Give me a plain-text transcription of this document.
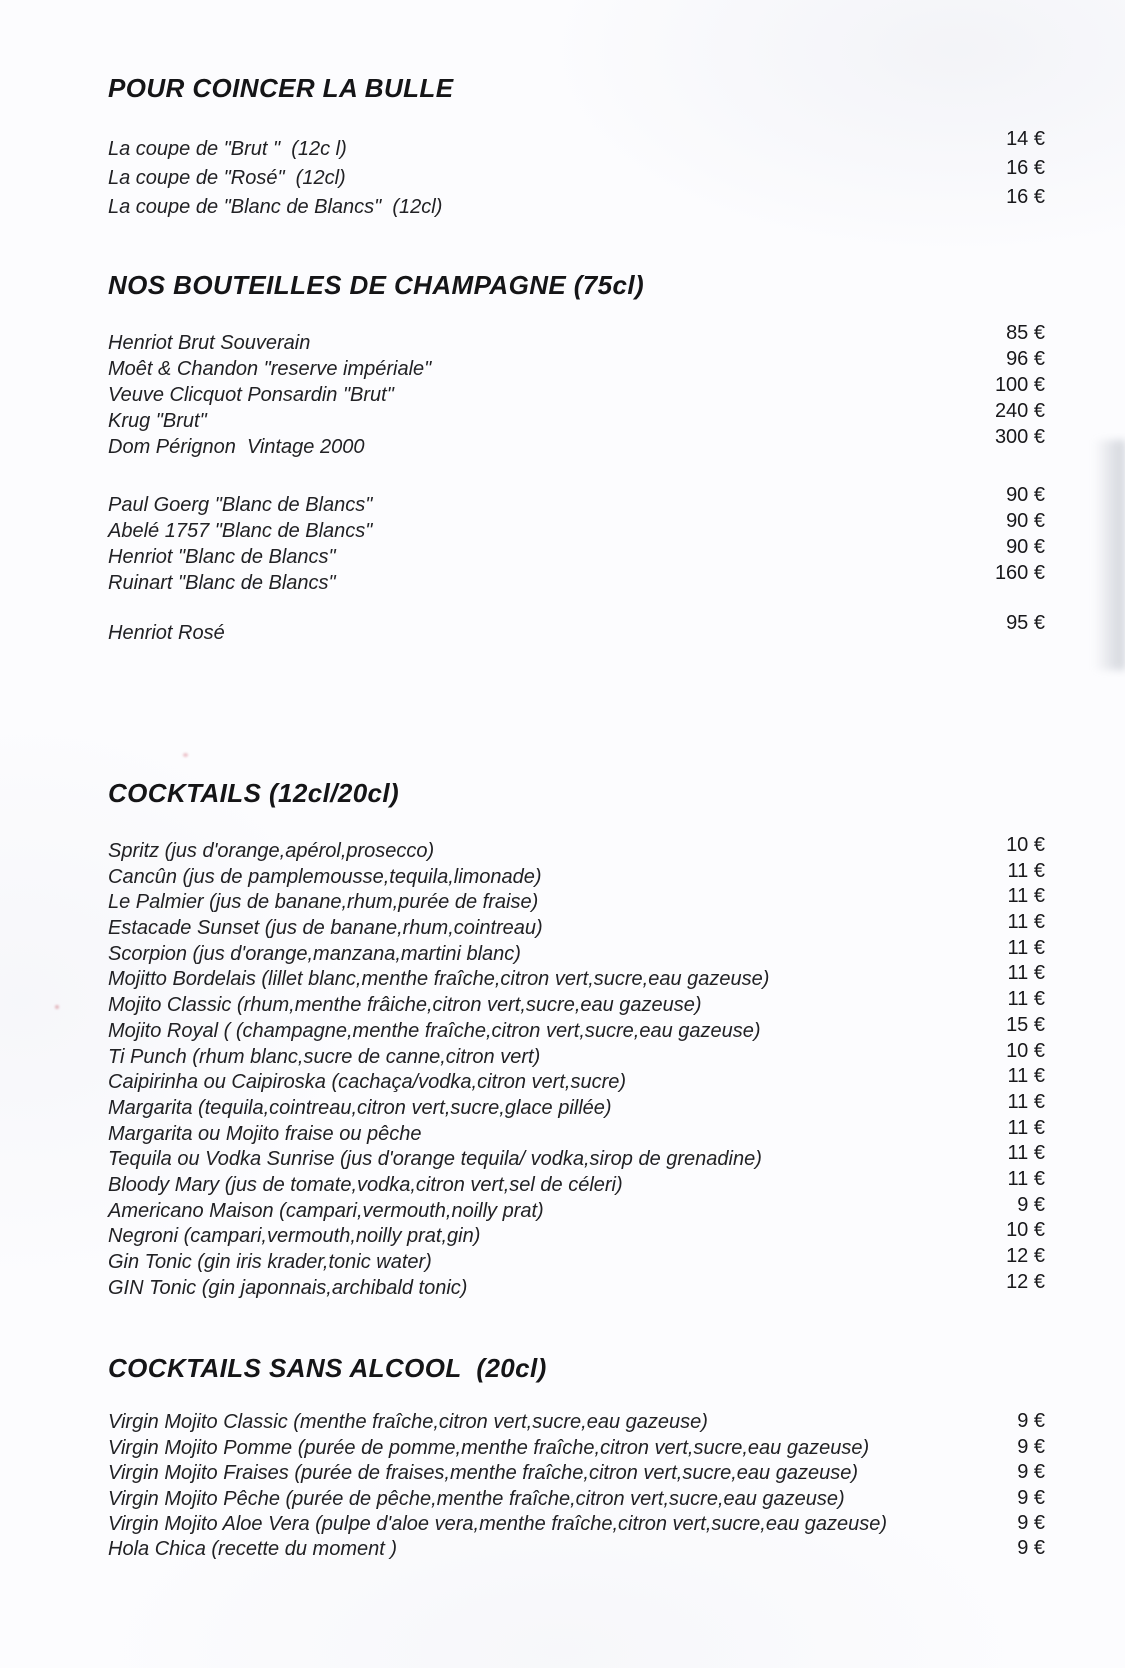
POUR COINCER LA BULLE
La coupe de "Brut "  (12c l)	14 €
La coupe de "Rosé"  (12cl)	16 €
La coupe de "Blanc de Blancs"  (12cl)	16 €
NOS BOUTEILLES DE CHAMPAGNE (75cl)
Henriot Brut Souverain	85 €
Moêt & Chandon "reserve impériale"	96 €
Veuve Clicquot Ponsardin "Brut"	100 €
Krug "Brut"	240 €
Dom Pérignon  Vintage 2000	300 €
Paul Goerg "Blanc de Blancs"	90 €
Abelé 1757 "Blanc de Blancs"	90 €
Henriot "Blanc de Blancs"	90 €
Ruinart "Blanc de Blancs"	160 €
Henriot Rosé	95 €
COCKTAILS (12cl/20cl)
Spritz (jus d'orange,apérol,prosecco)	10 €
Cancûn (jus de pamplemousse,tequila,limonade)	11 €
Le Palmier (jus de banane,rhum,purée de fraise)	11 €
Estacade Sunset (jus de banane,rhum,cointreau)	11 €
Scorpion (jus d'orange,manzana,martini blanc)	11 €
Mojitto Bordelais (lillet blanc,menthe fraîche,citron vert,sucre,eau gazeuse)	11 €
Mojito Classic (rhum,menthe frâiche,citron vert,sucre,eau gazeuse)	11 €
Mojito Royal ( (champagne,menthe fraîche,citron vert,sucre,eau gazeuse)	15 €
Ti Punch (rhum blanc,sucre de canne,citron vert)	10 €
Caipirinha ou Caipiroska (cachaça/vodka,citron vert,sucre)	11 €
Margarita (tequila,cointreau,citron vert,sucre,glace pillée)	11 €
Margarita ou Mojito fraise ou pêche	11 €
Tequila ou Vodka Sunrise (jus d'orange tequila/ vodka,sirop de grenadine)	11 €
Bloody Mary (jus de tomate,vodka,citron vert,sel de céleri)	11 €
Americano Maison (campari,vermouth,noilly prat)	9 €
Negroni (campari,vermouth,noilly prat,gin)	10 €
Gin Tonic (gin iris krader,tonic water)	12 €
GIN Tonic (gin japonnais,archibald tonic)	12 €
COCKTAILS SANS ALCOOL  (20cl)
Virgin Mojito Classic (menthe fraîche,citron vert,sucre,eau gazeuse)	9 €
Virgin Mojito Pomme (purée de pomme,menthe fraîche,citron vert,sucre,eau gazeuse)	9 €
Virgin Mojito Fraises (purée de fraises,menthe fraîche,citron vert,sucre,eau gazeuse)	9 €
Virgin Mojito Pêche (purée de pêche,menthe fraîche,citron vert,sucre,eau gazeuse)	9 €
Virgin Mojito Aloe Vera (pulpe d'aloe vera,menthe fraîche,citron vert,sucre,eau gazeuse)	9 €
Hola Chica (recette du moment )	9 €
